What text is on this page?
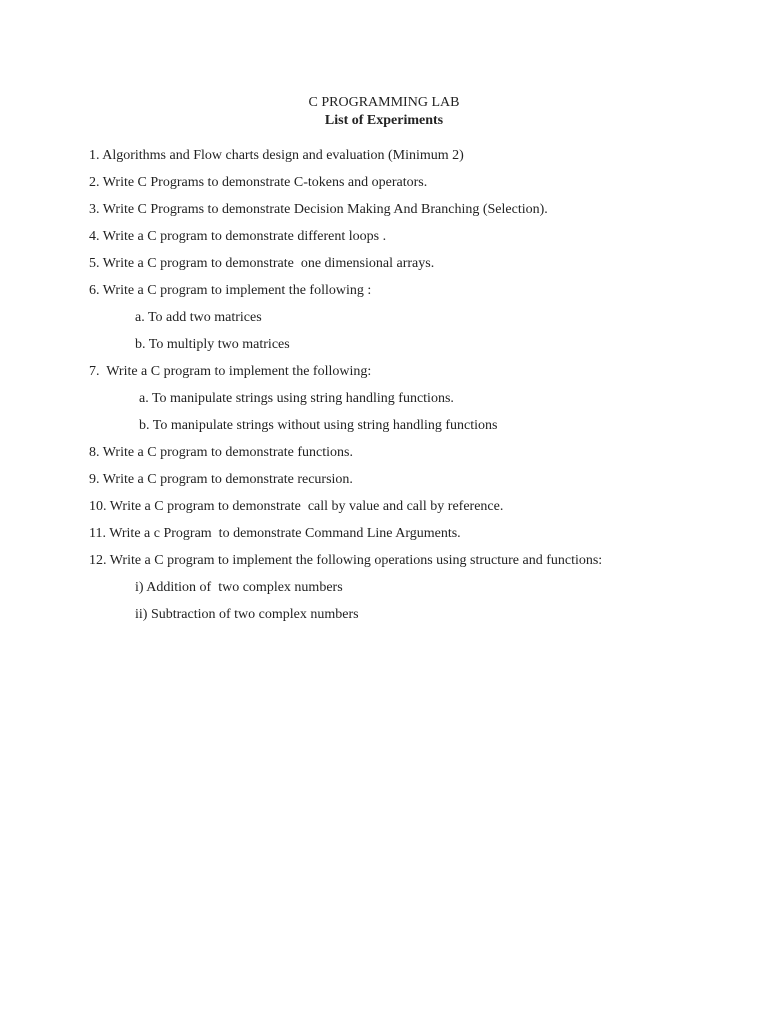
C PROGRAMMING LAB
List of Experiments
1. Algorithms and Flow charts design and evaluation (Minimum 2)
2. Write C Programs to demonstrate C-tokens and operators.
3. Write C Programs to demonstrate Decision Making And Branching (Selection).
4. Write a C program to demonstrate different loops .
5. Write a C program to demonstrate  one dimensional arrays.
6. Write a C program to implement the following :
a. To add two matrices
b. To multiply two matrices
7.  Write a C program to implement the following:
a. To manipulate strings using string handling functions.
b. To manipulate strings without using string handling functions
8. Write a C program to demonstrate functions.
9. Write a C program to demonstrate recursion.
10. Write a C program to demonstrate  call by value and call by reference.
11. Write a c Program  to demonstrate Command Line Arguments.
12. Write a C program to implement the following operations using structure and functions:
i) Addition of  two complex numbers
ii) Subtraction of two complex numbers
